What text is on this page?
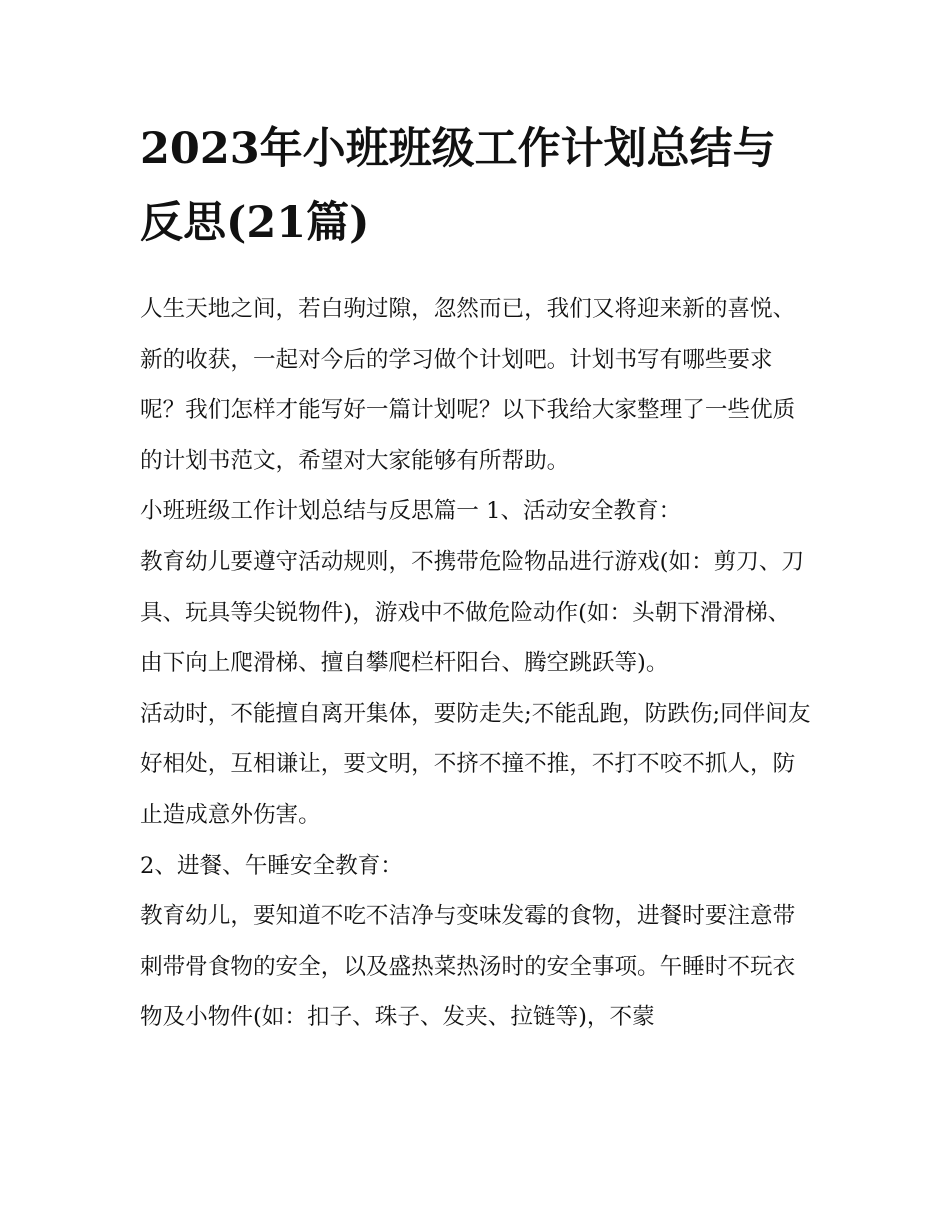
2023年小班班级工作计划总结与反思(21篇)

人生天地之间，若白驹过隙，忽然而已，我们又将迎来新的喜悦、新的收获，一起对今后的学习做个计划吧。计划书写有哪些要求呢？我们怎样才能写好一篇计划呢？以下我给大家整理了一些优质的计划书范文，希望对大家能够有所帮助。

小班班级工作计划总结与反思篇一 1、活动安全教育：

教育幼儿要遵守活动规则，不携带危险物品进行游戏(如：剪刀、刀具、玩具等尖锐物件)，游戏中不做危险动作(如：头朝下滑滑梯、由下向上爬滑梯、擅自攀爬栏杆阳台、腾空跳跃等)。

活动时，不能擅自离开集体，要防走失;不能乱跑，防跌伤;同伴间友好相处，互相谦让，要文明，不挤不撞不推，不打不咬不抓人，防止造成意外伤害。

2、进餐、午睡安全教育：

教育幼儿，要知道不吃不洁净与变味发霉的食物，进餐时要注意带刺带骨食物的安全，以及盛热菜热汤时的安全事项。午睡时不玩衣物及小物件(如：扣子、珠子、发夹、拉链等)，不蒙
